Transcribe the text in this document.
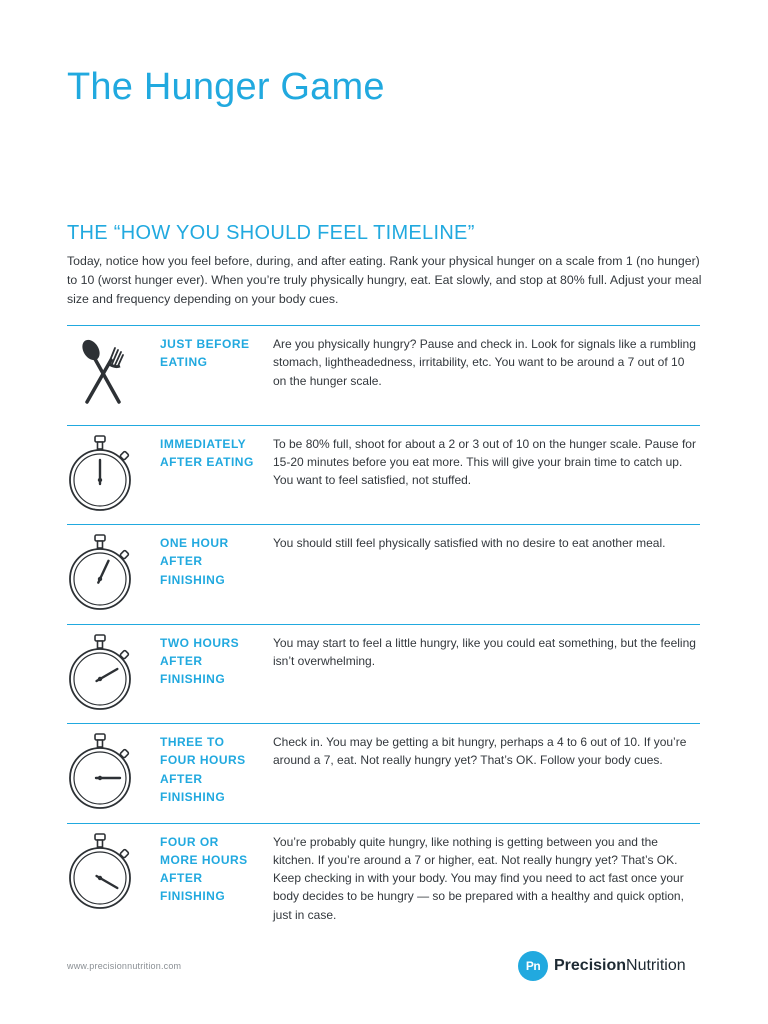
The Hunger Game
THE “HOW YOU SHOULD FEEL TIMELINE”

Today, notice how you feel before, during, and after eating. Rank your physical hunger on a scale from 1 (no hunger) to 10 (worst hunger ever). When you’re truly physically hungry, eat. Eat slowly, and stop at 80% full. Adjust your meal size and frequency depending on your body cues.

JUST BEFORE
EATING
Are you physically hungry? Pause and check in. Look for signals like a rumbling stomach, lightheadedness, irritability, etc. You want to be around a 7 out of 10 on the hunger scale.
IMMEDIATELY
AFTER EATING
To be 80% full, shoot for about a 2 or 3 out of 10 on the hunger scale. Pause for 15-20 minutes before you eat more. This will give your brain time to catch up. You want to feel satisfied, not stuffed.
ONE HOUR
AFTER
FINISHING
You should still feel physically satisfied with no desire to eat another meal.
TWO HOURS
AFTER
FINISHING
You may start to feel a little hungry, like you could eat something, but the feeling isn’t overwhelming.
THREE TO
FOUR HOURS
AFTER
FINISHING
Check in. You may be getting a bit hungry, perhaps a 4 to 6 out of 10. If you’re around a 7, eat. Not really hungry yet? That’s OK. Follow your body cues.
FOUR OR
MORE HOURS
AFTER
FINISHING
You’re probably quite hungry, like nothing is getting between you and the kitchen. If you’re around a 7 or higher, eat. Not really hungry yet? That’s OK. Keep checking in with your body. You may find you need to act fast once your body decides to be hungry — so be prepared with a healthy and quick option, just in case.
www.precisionnutrition.com	Pn PrecisionNutrition
